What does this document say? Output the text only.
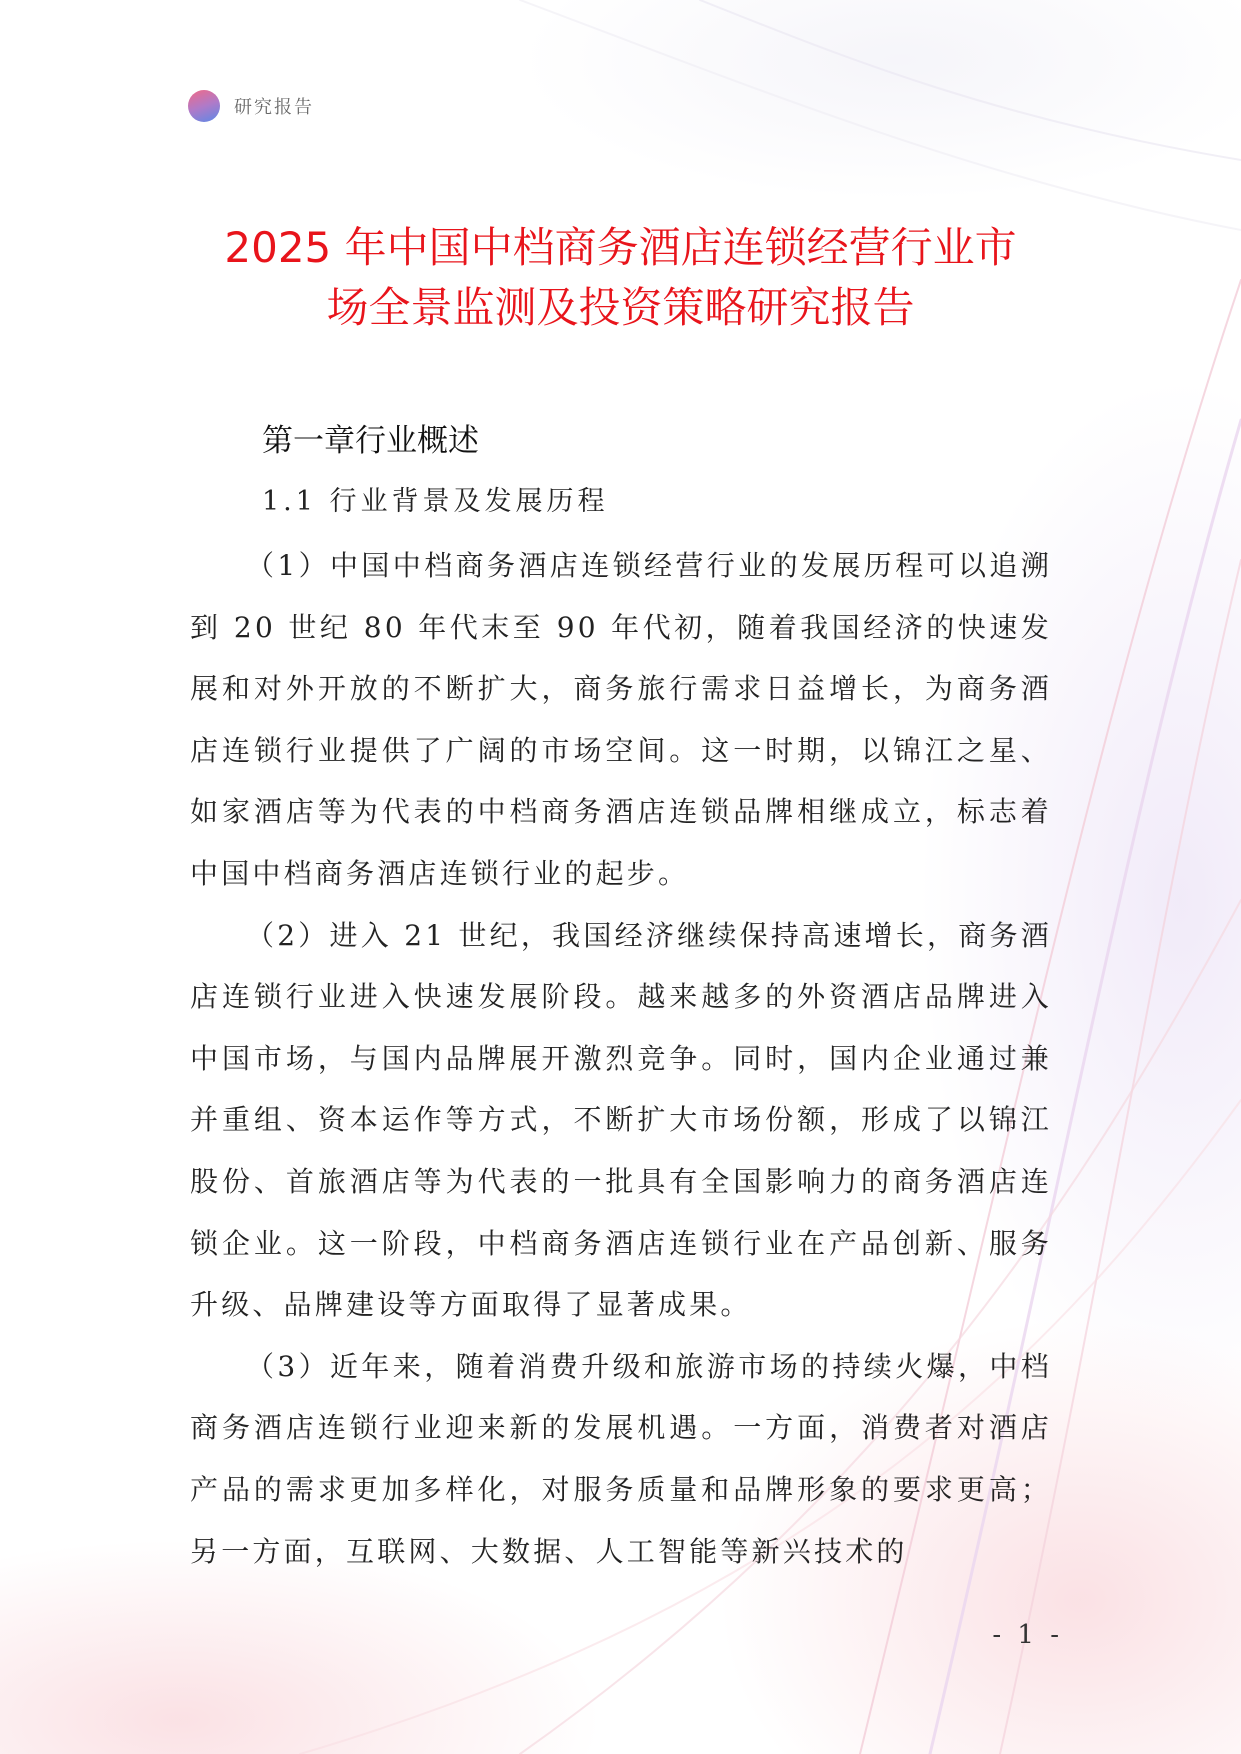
研究报告
2025 年中国中档商务酒店连锁经营行业市
场全景监测及投资策略研究报告
第一章行业概述
1.1 行业背景及发展历程

（1）中国中档商务酒店连锁经营行业的发展历程可以追溯到 20 世纪 80 年代末至 90 年代初，随着我国经济的快速发展和对外开放的不断扩大，商务旅行需求日益增长，为商务酒店连锁行业提供了广阔的市场空间。这一时期，以锦江之星、如家酒店等为代表的中档商务酒店连锁品牌相继成立，标志着中国中档商务酒店连锁行业的起步。

（2）进入 21 世纪，我国经济继续保持高速增长，商务酒店连锁行业进入快速发展阶段。越来越多的外资酒店品牌进入中国市场，与国内品牌展开激烈竞争。同时，国内企业通过兼并重组、资本运作等方式，不断扩大市场份额，形成了以锦江股份、首旅酒店等为代表的一批具有全国影响力的商务酒店连锁企业。这一阶段，中档商务酒店连锁行业在产品创新、服务升级、品牌建设等方面取得了显著成果。

（3）近年来，随着消费升级和旅游市场的持续火爆，中档商务酒店连锁行业迎来新的发展机遇。一方面，消费者对酒店产品的需求更加多样化，对服务质量和品牌形象的要求更高；另一方面，互联网、大数据、人工智能等新兴技术的

- 1 -
